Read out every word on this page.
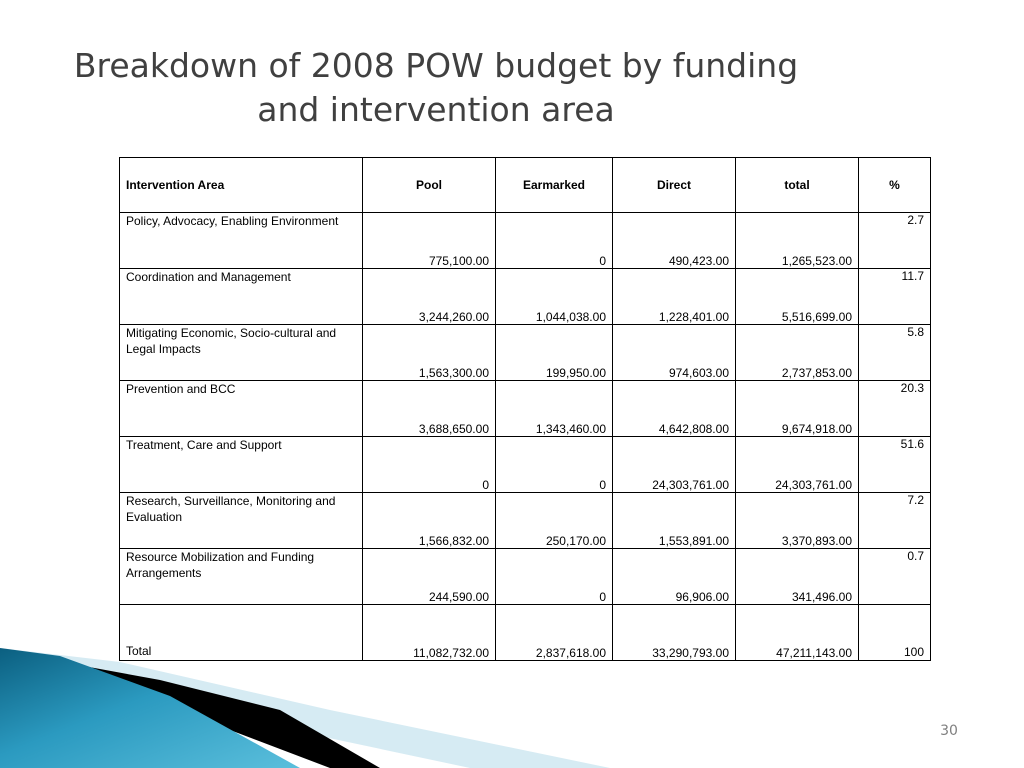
Breakdown of 2008 POW budget by funding
and intervention area
Intervention Area	Pool	Earmarked	Direct	total	%
Policy, Advocacy, Enabling Environment	775,100.00	0	490,423.00	1,265,523.00	2.7
Coordination and Management	3,244,260.00	1,044,038.00	1,228,401.00	5,516,699.00	11.7
Mitigating Economic, Socio-cultural and Legal Impacts	1,563,300.00	199,950.00	974,603.00	2,737,853.00	5.8
Prevention and BCC	3,688,650.00	1,343,460.00	4,642,808.00	9,674,918.00	20.3
Treatment, Care and Support	0	0	24,303,761.00	24,303,761.00	51.6
Research, Surveillance, Monitoring and Evaluation	1,566,832.00	250,170.00	1,553,891.00	3,370,893.00	7.2
Resource Mobilization and Funding Arrangements	244,590.00	0	96,906.00	341,496.00	0.7
Total	11,082,732.00	2,837,618.00	33,290,793.00	47,211,143.00	100
30
